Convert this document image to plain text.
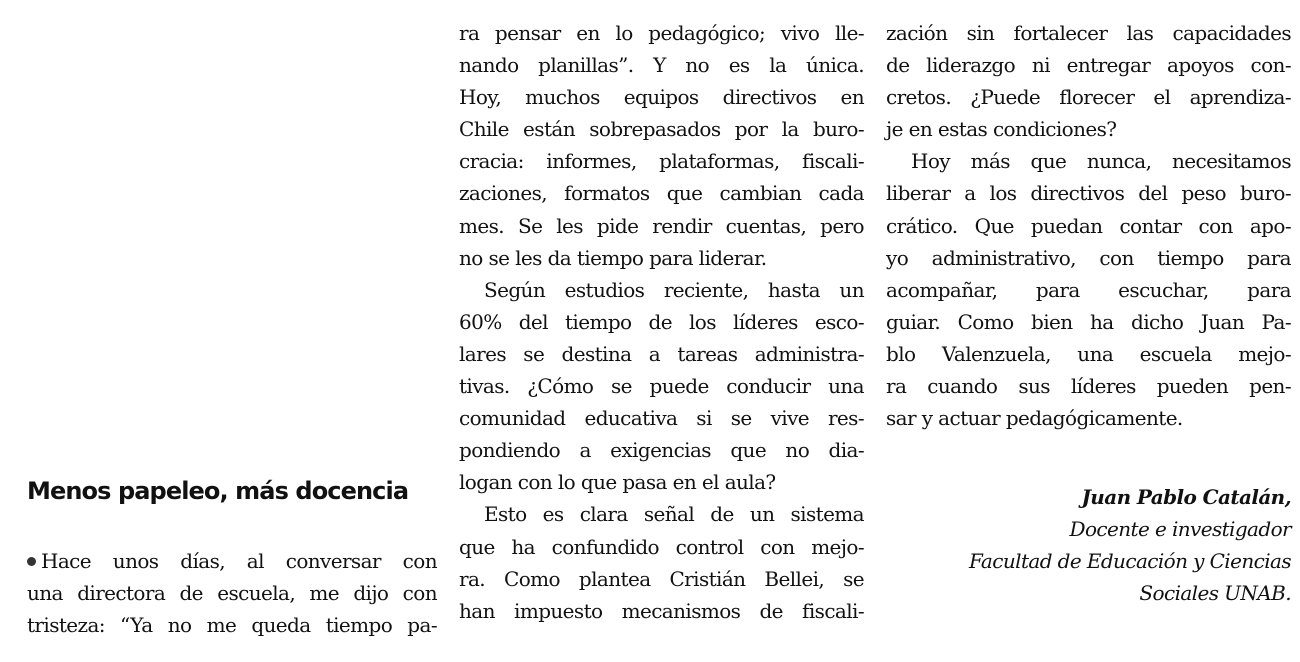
Menos papeleo, más docencia
Hace unos días, al conversar con
una directora de escuela, me dijo con
tristeza: “Ya no me queda tiempo pa-
ra pensar en lo pedagógico; vivo lle-
nando planillas”. Y no es la única.
Hoy, muchos equipos directivos en
Chile están sobrepasados por la buro-
cracia: informes, plataformas, fiscali-
zaciones, formatos que cambian cada
mes. Se les pide rendir cuentas, pero
no se les da tiempo para liderar.
Según estudios reciente, hasta un
60% del tiempo de los líderes esco-
lares se destina a tareas administra-
tivas. ¿Cómo se puede conducir una
comunidad educativa si se vive res-
pondiendo a exigencias que no dia-
logan con lo que pasa en el aula?
Esto es clara señal de un sistema
que ha confundido control con mejo-
ra. Como plantea Cristián Bellei, se
han impuesto mecanismos de fiscali-
zación sin fortalecer las capacidades
de liderazgo ni entregar apoyos con-
cretos. ¿Puede florecer el aprendiza-
je en estas condiciones?
Hoy más que nunca, necesitamos
liberar a los directivos del peso buro-
crático. Que puedan contar con apo-
yo administrativo, con tiempo para
acompañar, para escuchar, para
guiar. Como bien ha dicho Juan Pa-
blo Valenzuela, una escuela mejo-
ra cuando sus líderes pueden pen-
sar y actuar pedagógicamente.
Juan Pablo Catalán,
Docente e investigador
Facultad de Educación y Ciencias
Sociales UNAB.
